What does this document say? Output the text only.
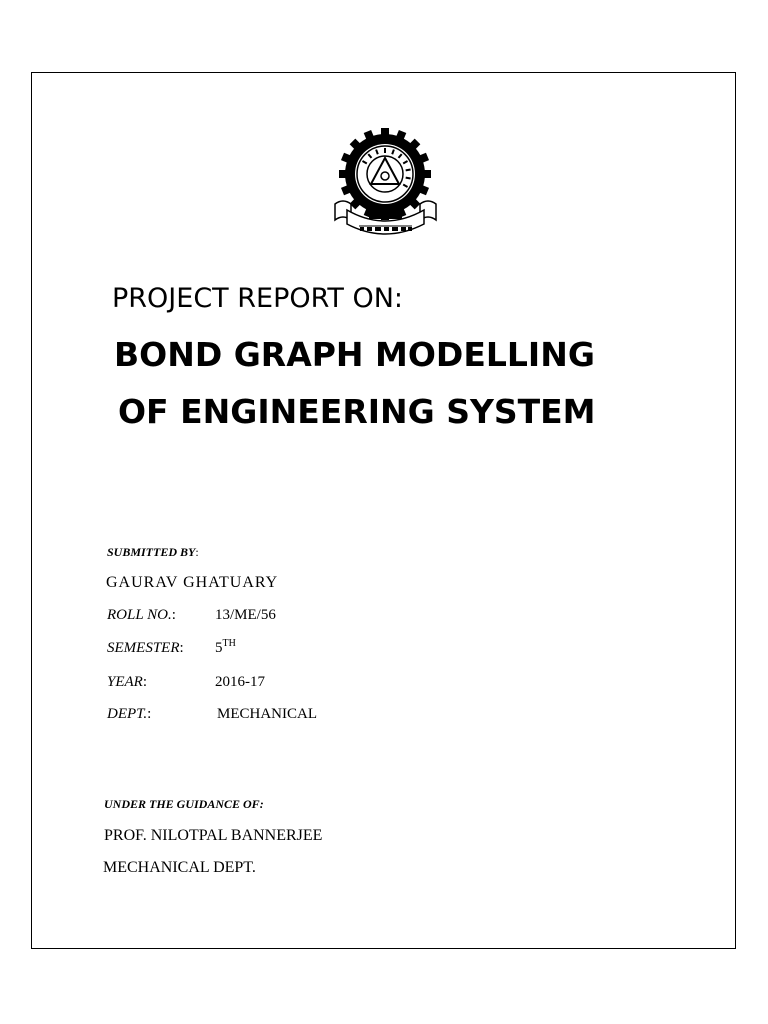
PROJECT REPORT ON:
BOND GRAPH MODELLING
OF ENGINEERING SYSTEM
SUBMITTED BY:
GAURAV GHATUARY
ROLL NO.:	13/ME/56
SEMESTER: 5TH
YEAR:	2016-17
DEPT.:	MECHANICAL
UNDER THE GUIDANCE OF:
PROF. NILOTPAL BANNERJEE
MECHANICAL DEPT.
